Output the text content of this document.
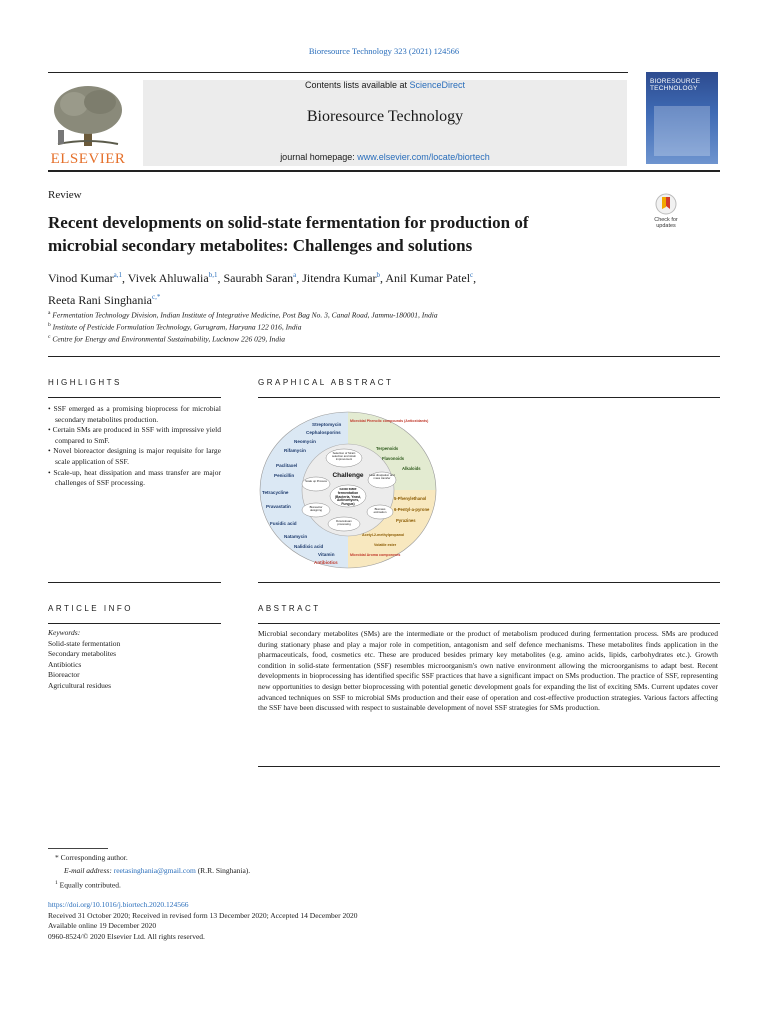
Bioresource Technology 323 (2021) 124566
ELSEVIER
Contents lists available at ScienceDirect
Bioresource Technology
journal homepage: www.elsevier.com/locate/biortech
BIORESOURCE TECHNOLOGY
Review
Recent developments on solid-state fermentation for production of
microbial secondary metabolites: Challenges and solutions
Check for
updates
Vinod Kumar$^{a,1}$, Vivek Ahluwalia$^{b,1}$, Saurabh Saran$^a$, Jitendra Kumar$^b$, Anil Kumar Patel$^c$,
Reeta Rani Singhania$^{c,*}$
$^a$ Fermentation Technology Division, Indian Institute of Integrative Medicine, Post Bag No. 3, Canal Road, Jammu-180001, India
$^b$ Institute of Pesticide Formulation Technology, Gurugram, Haryana 122 016, India
$^c$ Centre for Energy and Environmental Sustainability, Lucknow 226 029, India
HIGHLIGHTS
• SSF emerged as a promising bioprocess for microbial secondary metabolites production.
• Certain SMs are produced in SSF with impressive yield compared to SmF.
• Novel bioreactor designing is major requisite for large scale application of SSF.
• Scale-up, heat dissipation and mass transfer are major challenges of SSF processing.
GRAPHICAL ABSTRACT
Streptomycin
Cephalosporins
Neomycin
Rifamycin
Penicillin
Paclitaxel
Tetracycline
Pravastatin
Fusidic acid
Natamycin
Nalidixic acid
Vitamin
Antibiotics
Microbial Phenolic compounds (Antioxidants)
Terpenoids
Flavonoids
Alkaloids
5-Phenylethanol
6-Pentyl-a-pyrone
Pyrazines
Acetyl-2-methylpropanol
Volatile ester
Microbial Aroma components
Challenge
Solid state fermentation (Bacteria, Yeast, Actinomyces, Fungus)
Selection of Strain selection and strain improvement
Scale up Process
Bioreactor designing
Downstream processing
Heat dissipation and mass transfer
Biomass estimation
ARTICLE INFO
Keywords:
Solid-state fermentation
Secondary metabolites
Antibiotics
Bioreactor
Agricultural residues
ABSTRACT
Microbial secondary metabolites (SMs) are the intermediate or the product of metabolism produced during fermentation process. SMs are produced during stationary phase and play a major role in competition, antagonism and self defence mechanisms. These metabolites finds application in the pharmaceuticals, food, cosmetics etc. These are produced besides primary key metabolites (e.g. amino acids, lipids, carbohydrates etc.). Growth condition in solid-state fermentation (SSF) resembles microorganism's own native environment allowing the microorganisms to adapt best. Recent developments in bioprocessing has identified specific SSF practices that have a significant impact on SMs production. The practice of SSF, representing new opportunities to design better bioprocessing with potential genetic development goals for expanding the list of exciting SMs. Current updates cover advanced techniques on SSF to microbial SMs production and their ease of operation and cost-effective production strategies. Various factors affecting the SSF have been discussed with respect to sustainable development of novel SSF strategies for SMs production.
* Corresponding author.
E-mail address: reetasinghania@gmail.com (R.R. Singhania).
$^1$ Equally contributed.
https://doi.org/10.1016/j.biortech.2020.124566
Received 31 October 2020; Received in revised form 13 December 2020; Accepted 14 December 2020
Available online 19 December 2020
0960-8524/© 2020 Elsevier Ltd. All rights reserved.
